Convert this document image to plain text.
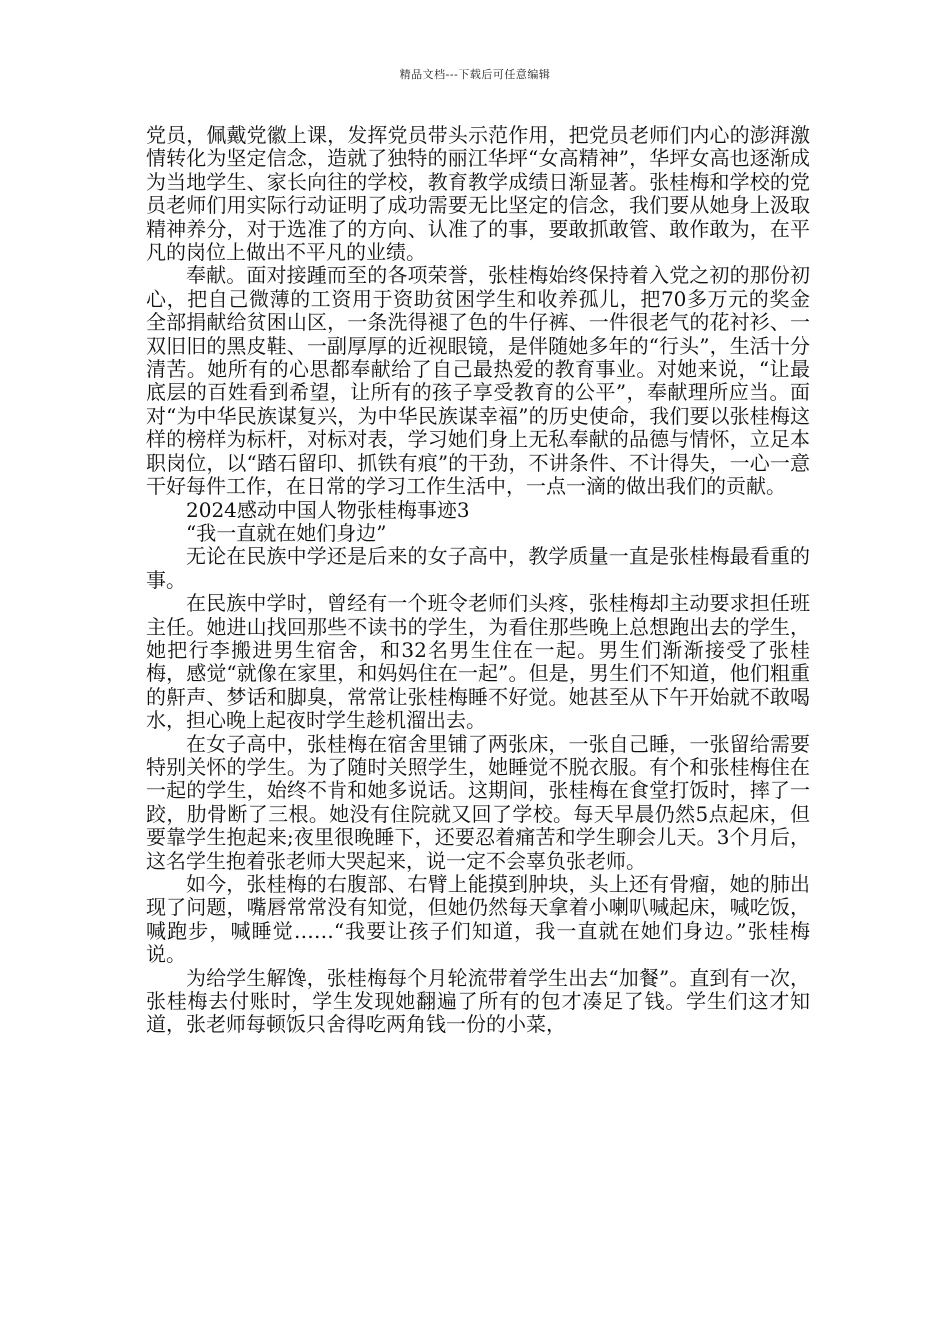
精品文档---下载后可任意编辑

党员，佩戴党徽上课，发挥党员带头示范作用，把党员老师们内心的澎湃激情转化为坚定信念，造就了独特的丽江华坪“女高精神”，华坪女高也逐渐成为当地学生、家长向往的学校，教育教学成绩日渐显著。张桂梅和学校的党员老师们用实际行动证明了成功需要无比坚定的信念，我们要从她身上汲取精神养分，对于选准了的方向、认准了的事，要敢抓敢管、敢作敢为，在平凡的岗位上做出不平凡的业绩。

奉献。面对接踵而至的各项荣誉，张桂梅始终保持着入党之初的那份初心，把自己微薄的工资用于资助贫困学生和收养孤儿，把70多万元的奖金全部捐献给贫困山区，一条洗得褪了色的牛仔裤、一件很老气的花衬衫、一双旧旧的黑皮鞋、一副厚厚的近视眼镜，是伴随她多年的“行头”，生活十分清苦。她所有的心思都奉献给了自己最热爱的教育事业。对她来说，“让最底层的百姓看到希望，让所有的孩子享受教育的公平”，奉献理所应当。面对“为中华民族谋复兴，为中华民族谋幸福”的历史使命，我们要以张桂梅这样的榜样为标杆，对标对表，学习她们身上无私奉献的品德与情怀，立足本职岗位，以“踏石留印、抓铁有痕”的干劲，不讲条件、不计得失，一心一意干好每件工作，在日常的学习工作生活中，一点一滴的做出我们的贡献。

2024感动中国人物张桂梅事迹3

“我一直就在她们身边”

无论在民族中学还是后来的女子高中，教学质量一直是张桂梅最看重的事。

在民族中学时，曾经有一个班令老师们头疼，张桂梅却主动要求担任班主任。她进山找回那些不读书的学生，为看住那些晚上总想跑出去的学生，她把行李搬进男生宿舍，和32名男生住在一起。男生们渐渐接受了张桂梅，感觉“就像在家里，和妈妈住在一起”。但是，男生们不知道，他们粗重的鼾声、梦话和脚臭，常常让张桂梅睡不好觉。她甚至从下午开始就不敢喝水，担心晚上起夜时学生趁机溜出去。

在女子高中，张桂梅在宿舍里铺了两张床，一张自己睡，一张留给需要特别关怀的学生。为了随时关照学生，她睡觉不脱衣服。有个和张桂梅住在一起的学生，始终不肯和她多说话。这期间，张桂梅在食堂打饭时，摔了一跤，肋骨断了三根。她没有住院就又回了学校。每天早晨仍然5点起床，但要靠学生抱起来;夜里很晚睡下，还要忍着痛苦和学生聊会儿天。3个月后，这名学生抱着张老师大哭起来，说一定不会辜负张老师。

如今，张桂梅的右腹部、右臂上能摸到肿块，头上还有骨瘤，她的肺出现了问题，嘴唇常常没有知觉，但她仍然每天拿着小喇叭喊起床，喊吃饭，喊跑步，喊睡觉……“我要让孩子们知道，我一直就在她们身边。”张桂梅说。

为给学生解馋，张桂梅每个月轮流带着学生出去“加餐”。直到有一次，张桂梅去付账时，学生发现她翻遍了所有的包才凑足了钱。学生们这才知道，张老师每顿饭只舍得吃两角钱一份的小菜，
